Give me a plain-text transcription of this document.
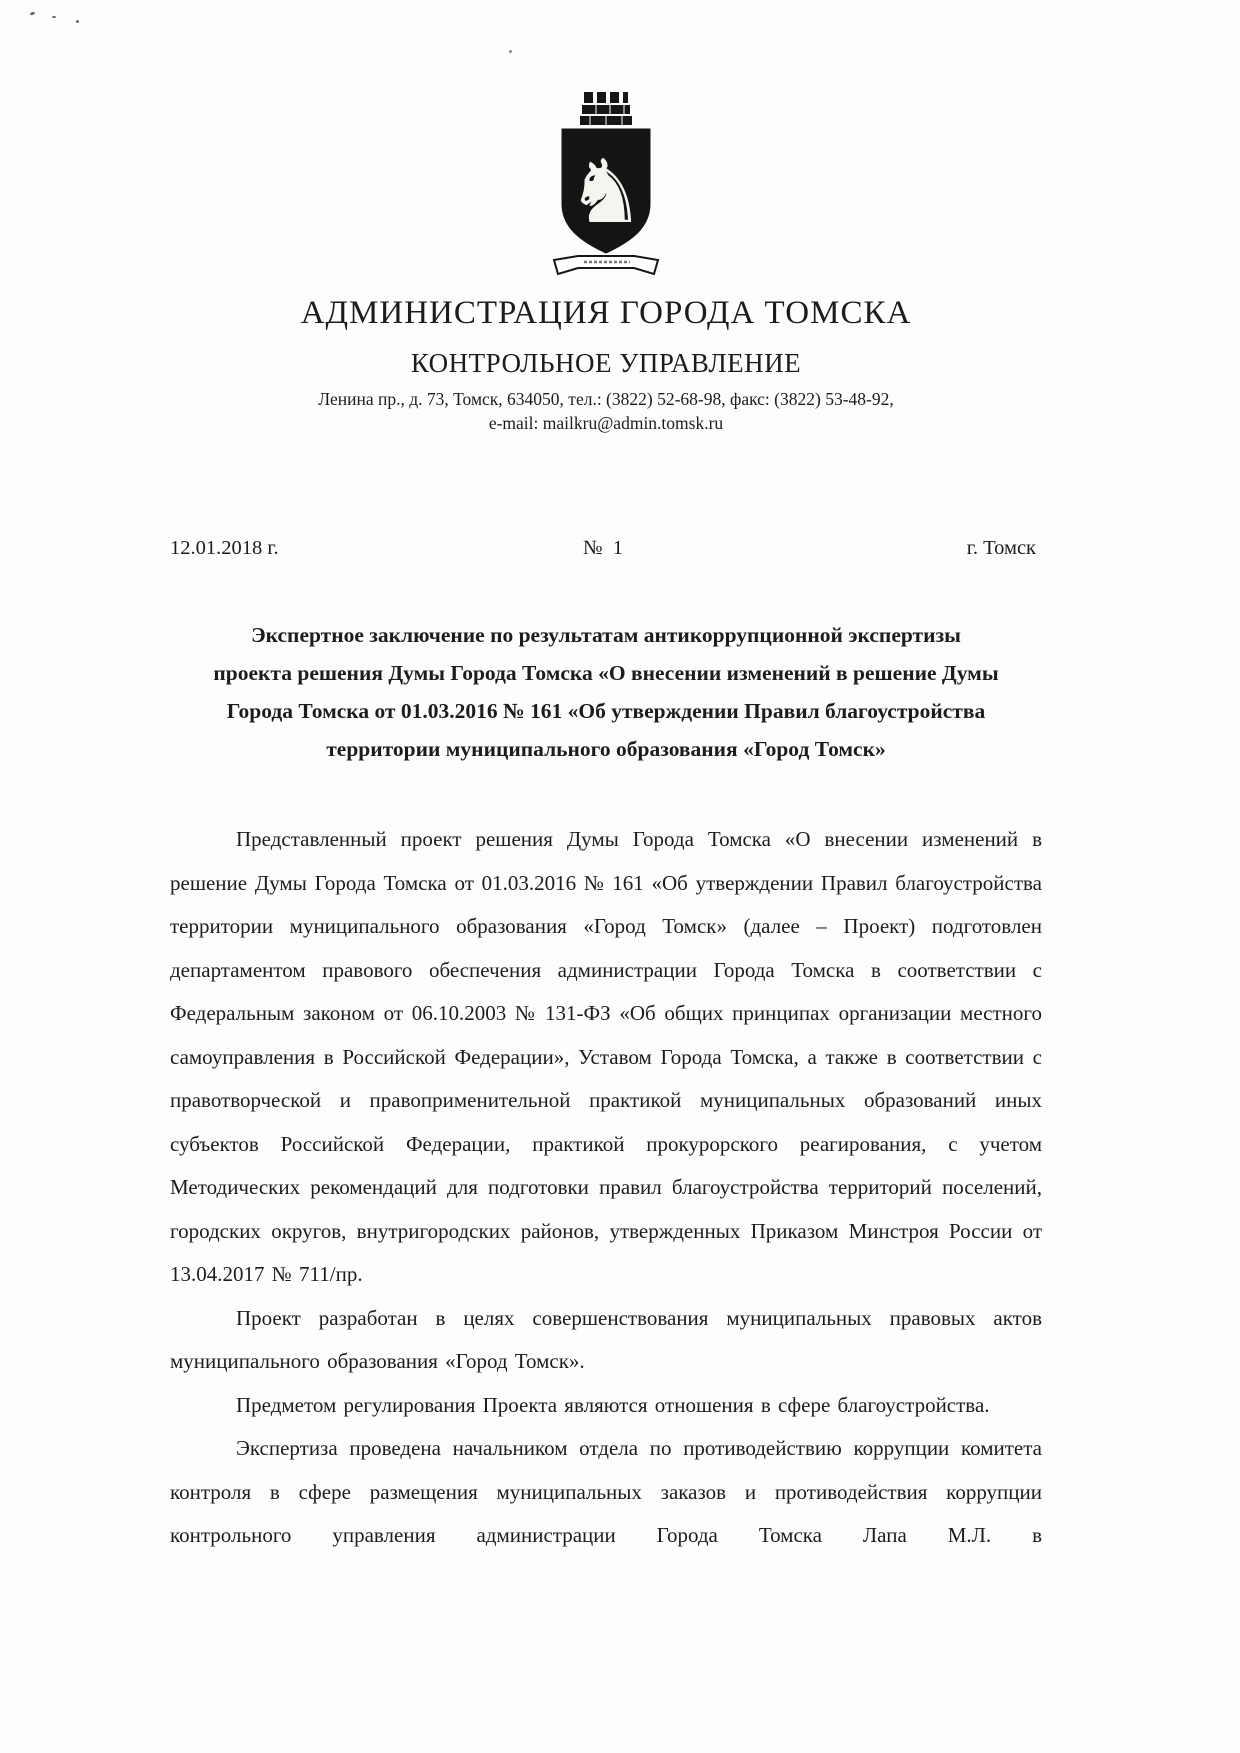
♞
АДМИНИСТРАЦИЯ ГОРОДА ТОМСКА
КОНТРОЛЬНОЕ УПРАВЛЕНИЕ
Ленина пр., д. 73, Томск, 634050, тел.: (3822) 52-68-98, факс: (3822) 53-48-92,
e-mail: mailkru@admin.tomsk.ru
12.01.2018 г.	№  1	г. Томск
Экспертное заключение по результатам антикоррупционной экспертизы
проекта решения Думы Города Томска «О внесении изменений в решение Думы
Города Томска от 01.03.2016 № 161 «Об утверждении Правил благоустройства
территории муниципального образования «Город Томск»

Представленный проект решения Думы Города Томска «О внесении изменений в решение Думы Города Томска от 01.03.2016 № 161 «Об утверждении Правил благоустройства территории муниципального образования «Город Томск» (далее – Проект) подготовлен департаментом правового обеспечения администрации Города Томска в соответствии с Федеральным законом от 06.10.2003 № 131-ФЗ «Об общих принципах организации местного самоуправления в Российской Федерации», Уставом Города Томска, а также в соответствии с правотворческой и правоприменительной практикой муниципальных образований иных субъектов Российской Федерации, практикой прокурорского реагирования, с учетом Методических рекомендаций для подготовки правил благоустройства территорий поселений, городских округов, внутригородских районов, утвержденных Приказом Минстроя России от 13.04.2017 № 711/пр.

Проект разработан в целях совершенствования муниципальных правовых актов муниципального образования «Город Томск».

Предметом регулирования Проекта являются отношения в сфере благоустройства.

Экспертиза проведена начальником отдела по противодействию коррупции комитета контроля в сфере размещения муниципальных заказов и противодействия коррупции контрольного управления администрации Города Томска Лапа М.Л. в
